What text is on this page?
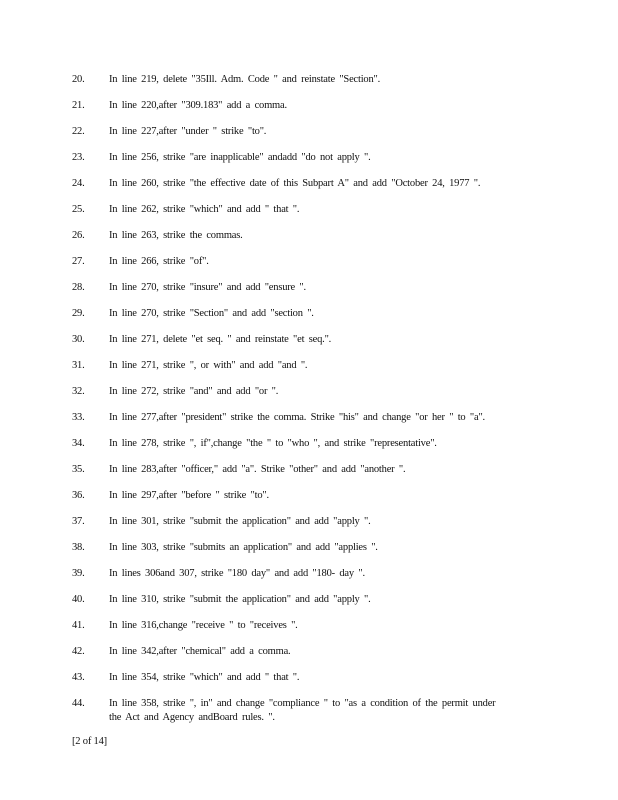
20.	In line 219, delete "35Ill. Adm. Code " and reinstate "Section".
21.	In line 220,after "309.183" add a comma.
22.	In line 227,after "under " strike "to".
23.	In line 256, strike "are inapplicable" andadd "do not apply ".
24.	In line 260, strike "the effective date of this Subpart A" and add "October 24, 1977 ".
25.	In line 262, strike "which" and add " that ".
26.	In line 263, strike the commas.
27.	In line 266, strike "of".
28.	In line 270, strike "insure" and add "ensure ".
29.	In line 270, strike "Section" and add "section ".
30.	In line 271, delete "et seq. " and reinstate "et seq.".
31.	In line 271, strike ", or with" and add "and ".
32.	In line 272, strike "and" and add "or ".
33.	In line 277,after "president" strike the comma. Strike "his" and change "or her " to "a".
34.	In line 278, strike ", if",change "the " to "who ", and strike "representative".
35.	In line 283,after "officer," add "a". Strike "other" and add "another ".
36.	In line 297,after "before " strike "to".
37.	In line 301, strike "submit the application" and add "apply ".
38.	In line 303, strike "submits an application" and add "applies ".
39.	In lines 306and 307, strike "180 day" and add "180- day ".
40.	In line 310, strike "submit the application" and add "apply ".
41.	In line 316,change "receive " to "receives ".
42.	In line 342,after "chemical" add a comma.
43.	In line 354, strike "which" and add " that ".
44.	In line 358, strike ", in" and change "compliance " to "as a condition of the permit under
the Act and Agency andBoard rules. ".
[2 of 14]
